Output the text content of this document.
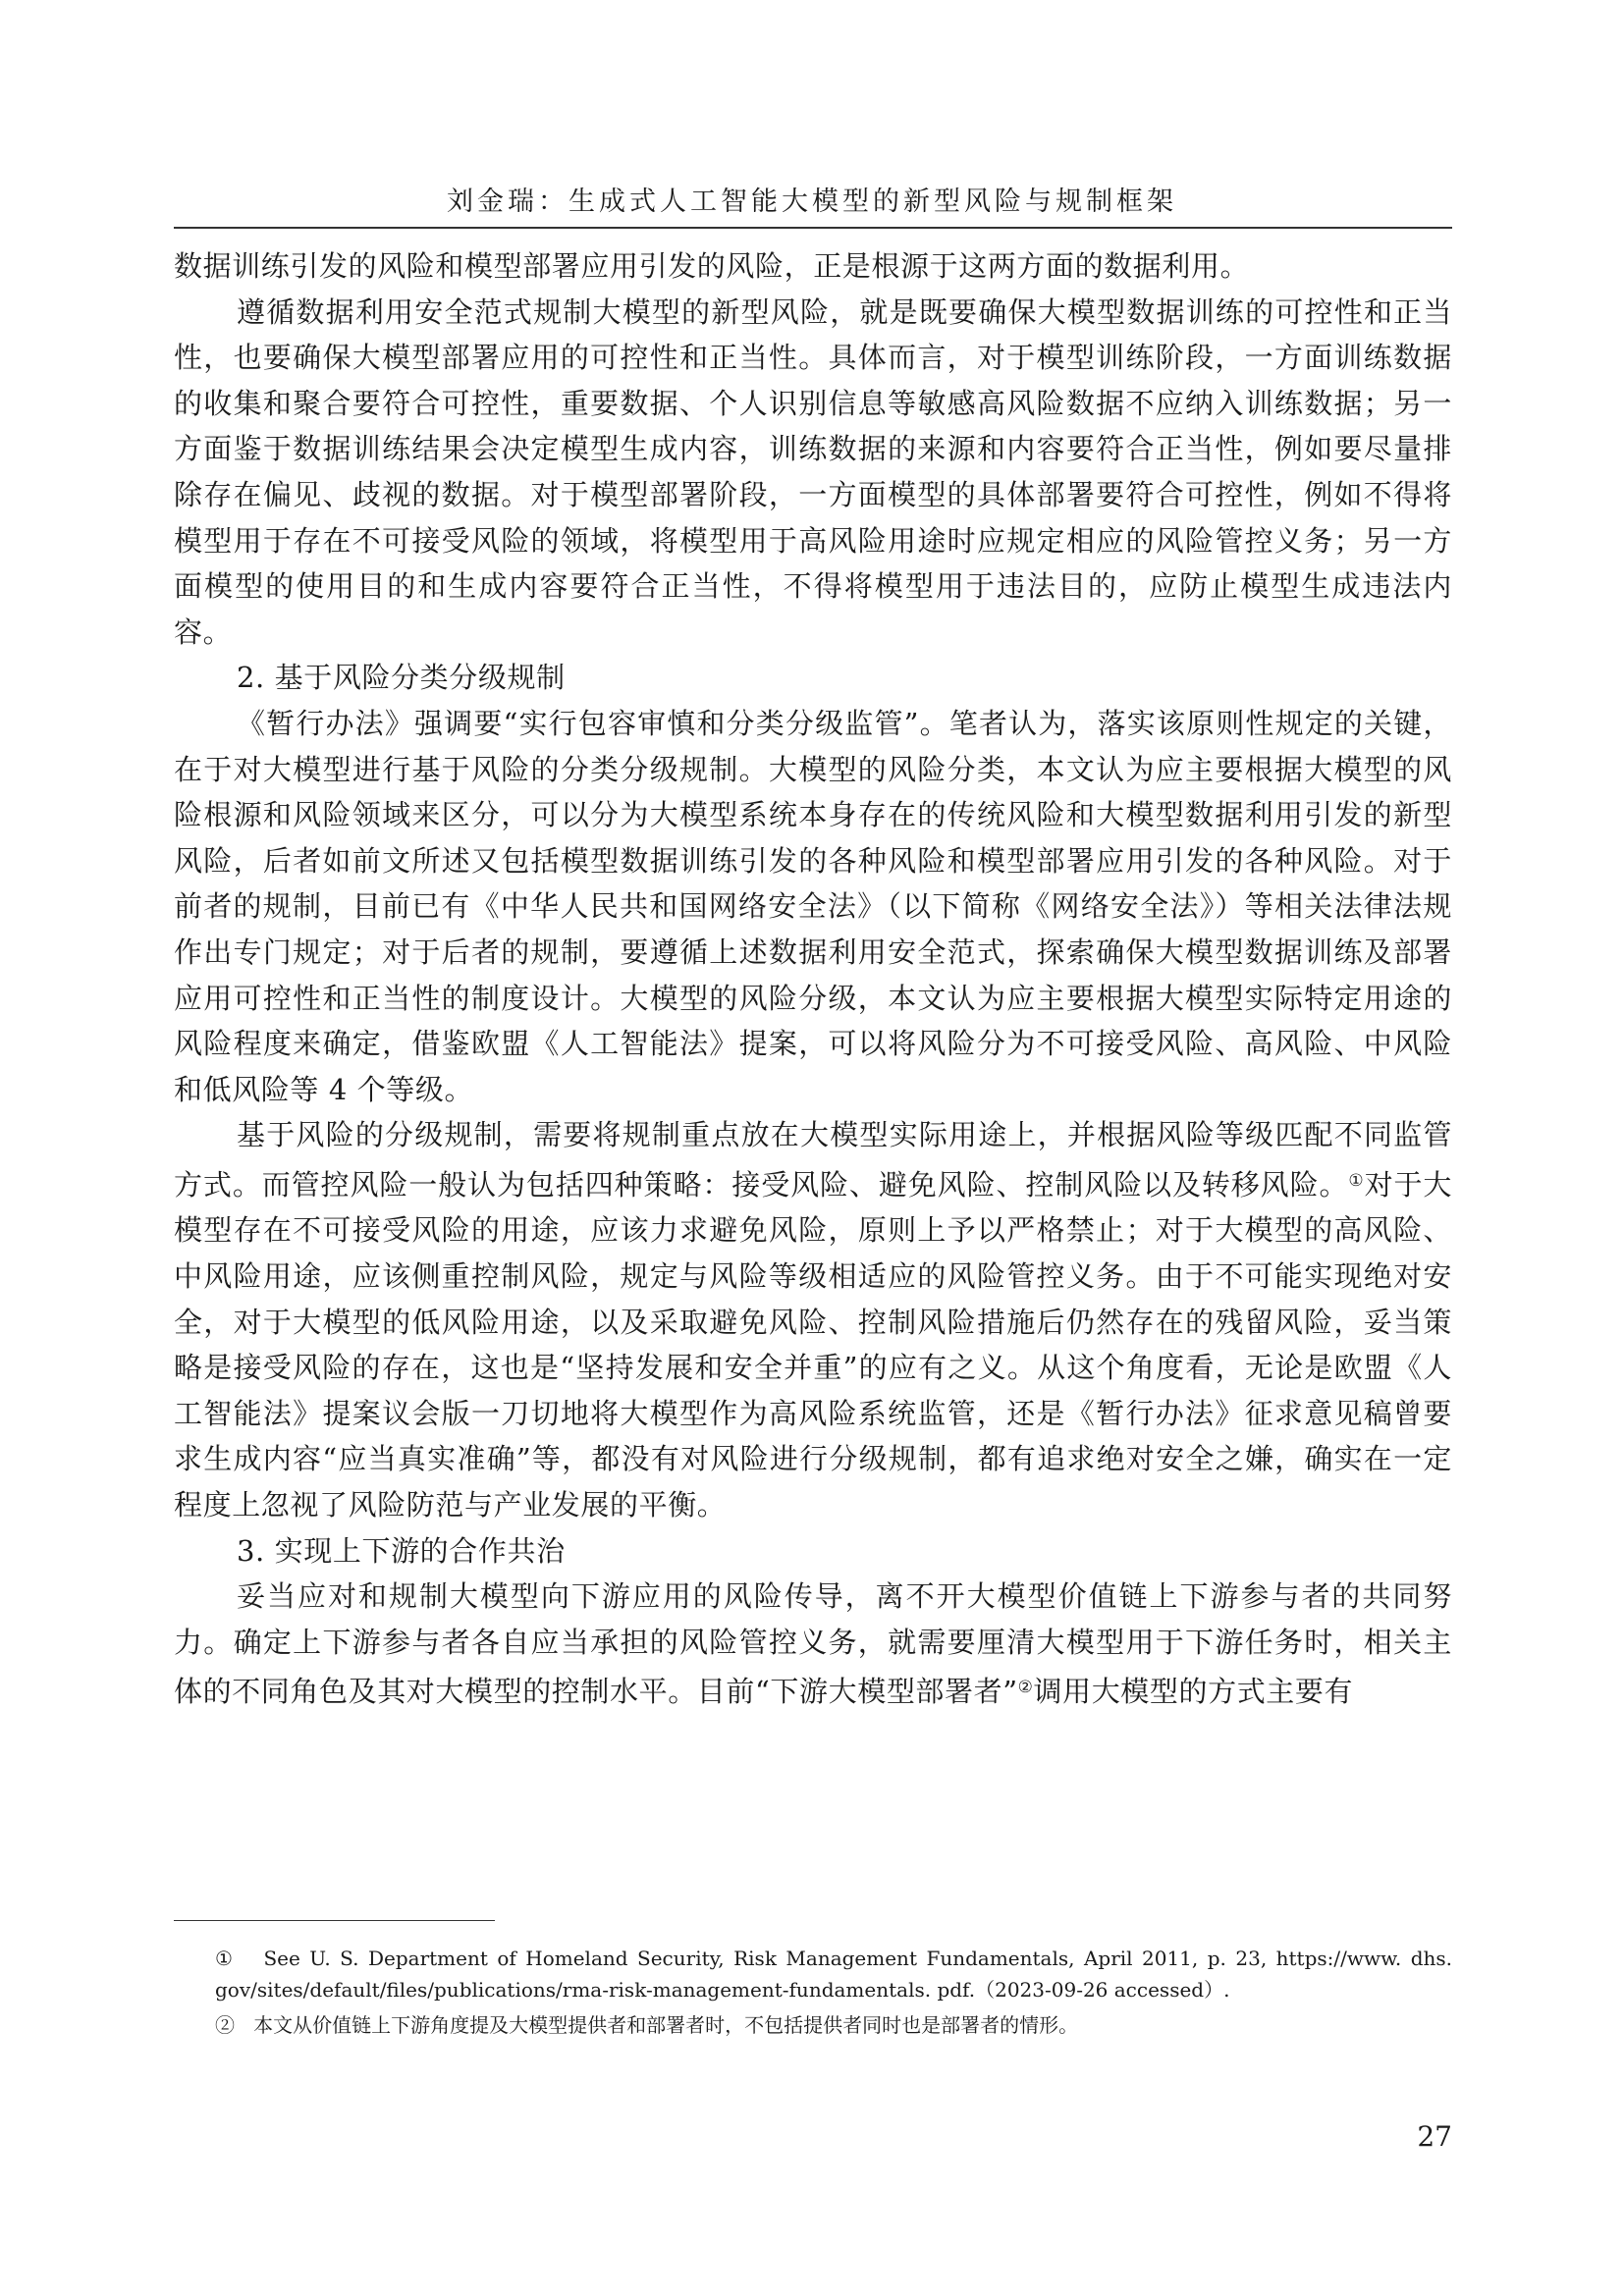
刘金瑞：生成式人工智能大模型的新型风险与规制框架

数据训练引发的风险和模型部署应用引发的风险，正是根源于这两方面的数据利用。

遵循数据利用安全范式规制大模型的新型风险，就是既要确保大模型数据训练的可控性和正当性，也要确保大模型部署应用的可控性和正当性。具体而言，对于模型训练阶段，一方面训练数据的收集和聚合要符合可控性，重要数据、个人识别信息等敏感高风险数据不应纳入训练数据；另一方面鉴于数据训练结果会决定模型生成内容，训练数据的来源和内容要符合正当性，例如要尽量排除存在偏见、歧视的数据。对于模型部署阶段，一方面模型的具体部署要符合可控性，例如不得将模型用于存在不可接受风险的领域，将模型用于高风险用途时应规定相应的风险管控义务；另一方面模型的使用目的和生成内容要符合正当性，不得将模型用于违法目的，应防止模型生成违法内容。

2. 基于风险分类分级规制

《暂行办法》强调要“实行包容审慎和分类分级监管”。笔者认为，落实该原则性规定的关键，在于对大模型进行基于风险的分类分级规制。大模型的风险分类，本文认为应主要根据大模型的风险根源和风险领域来区分，可以分为大模型系统本身存在的传统风险和大模型数据利用引发的新型风险，后者如前文所述又包括模型数据训练引发的各种风险和模型部署应用引发的各种风险。对于前者的规制，目前已有《中华人民共和国网络安全法》（以下简称《网络安全法》）等相关法律法规作出专门规定；对于后者的规制，要遵循上述数据利用安全范式，探索确保大模型数据训练及部署应用可控性和正当性的制度设计。大模型的风险分级，本文认为应主要根据大模型实际特定用途的风险程度来确定，借鉴欧盟《人工智能法》提案，可以将风险分为不可接受风险、高风险、中风险和低风险等 4 个等级。

基于风险的分级规制，需要将规制重点放在大模型实际用途上，并根据风险等级匹配不同监管方式。而管控风险一般认为包括四种策略：接受风险、避免风险、控制风险以及转移风险。①对于大模型存在不可接受风险的用途，应该力求避免风险，原则上予以严格禁止；对于大模型的高风险、中风险用途，应该侧重控制风险，规定与风险等级相适应的风险管控义务。由于不可能实现绝对安全，对于大模型的低风险用途，以及采取避免风险、控制风险措施后仍然存在的残留风险，妥当策略是接受风险的存在，这也是“坚持发展和安全并重”的应有之义。从这个角度看，无论是欧盟《人工智能法》提案议会版一刀切地将大模型作为高风险系统监管，还是《暂行办法》征求意见稿曾要求生成内容“应当真实准确”等，都没有对风险进行分级规制，都有追求绝对安全之嫌，确实在一定程度上忽视了风险防范与产业发展的平衡。

3. 实现上下游的合作共治

妥当应对和规制大模型向下游应用的风险传导，离不开大模型价值链上下游参与者的共同努力。确定上下游参与者各自应当承担的风险管控义务，就需要厘清大模型用于下游任务时，相关主体的不同角色及其对大模型的控制水平。目前“下游大模型部署者”②调用大模型的方式主要有

① See U. S. Department of Homeland Security, Risk Management Fundamentals, April 2011, p. 23, https://www. dhs. gov/sites/default/files/publications/rma-risk-management-fundamentals. pdf.（2023-09-26 accessed）.

② 本文从价值链上下游角度提及大模型提供者和部署者时，不包括提供者同时也是部署者的情形。

27
